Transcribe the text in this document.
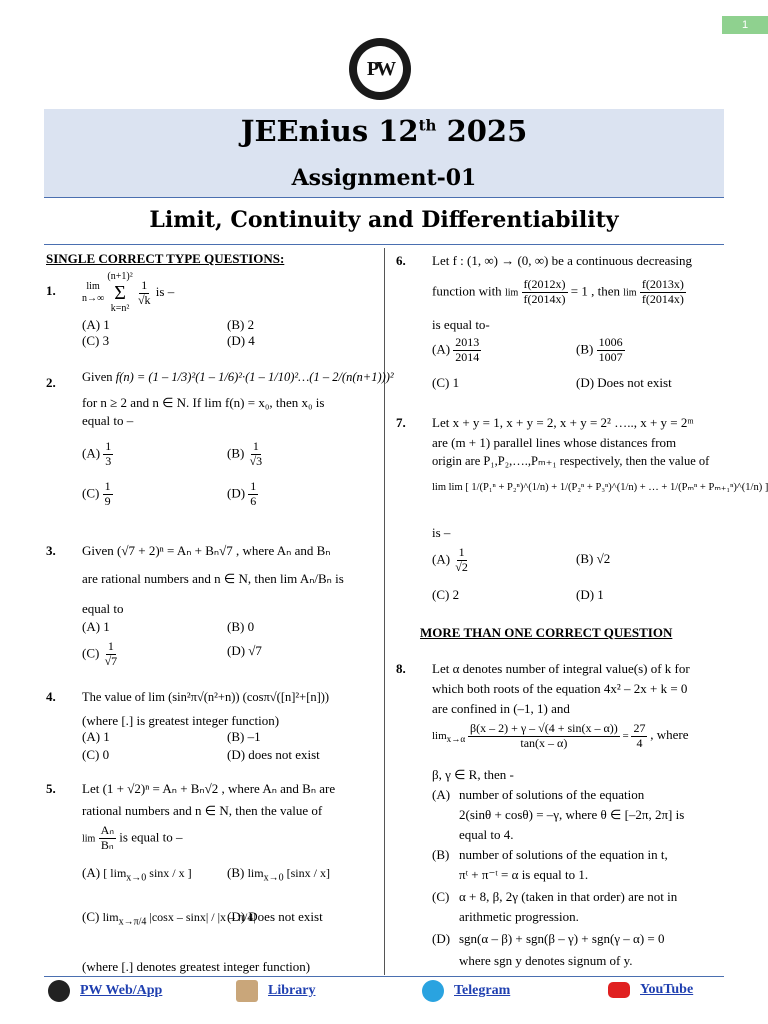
1
PW
JEEnius 12th 2025
Assignment-01
Limit, Continuity and Differentiability
SINGLE CORRECT TYPE QUESTIONS:
1.	lim
n→∞ (n+1)²
Σ
k=n²
$\frac{1}{√k}$ is –
(A) 1	(B) 2
(C) 3	(D) 4
2. Given f(n) = (1 – 1/3)²(1 – 1/6)²·(1 – 1/10)²…(1 – 2/(n(n+1)))²
for n ≥ 2 and n ∈ N. If lim f(n) = x₀, then x₀ is
equal to –
$(A) \frac{1}{3}$	$(B) \frac{1}{√3}$
$(C) \frac{1}{9}$	$(D) \frac{1}{6}$
3. Given (√7 + 2)ⁿ = Aₙ + Bₙ√7 , where Aₙ and Bₙ
are rational numbers and n ∈ N, then lim Aₙ/Bₙ is
equal to
(A) 1	(B) 0
$(C) \frac{1}{√7}$	(D) √7
4. The value of lim (sin²π√(n²+n)) (cosπ√([n]²+[n]))
(where [.] is greatest integer function)
(A) 1	(B) –1
(C) 0	(D) does not exist
5. Let (1 + √2)ⁿ = Aₙ + Bₙ√2 , where Aₙ and Bₙ are
rational numbers and n ∈ N, then the value of
$\lim \frac{\text{Aₙ}}{\text{Bₙ}}$ is equal to –
(A) [ $\lim_{x\to 0} \sin x$ / x ]	(B) $\lim_{x\to 0} [\sin x / x]$
(C) $\lim_{x\to\pi/4} |\cos x - \sin x| / |x - \pi/4|$
(D) Does not exist
(where [.] denotes greatest integer function)
6. Let f : (1, ∞) → (0, ∞) be a continuous decreasing
function with $\lim \frac{f(2012x)}{f(2014x)} = 1$ , then $\lim \frac{f(2013x)}{f(2014x)}$
is equal to-
$(A) \frac{2013}{2014}$	$(B) \frac{1006}{1007}$
(C) 1	(D) Does not exist
7. Let x + y = 1, x + y = 2, x + y = 2² ….., x + y = 2ᵐ
are (m + 1) parallel lines whose distances from
origin are P₁,P₂,….,Pₘ₊₁ respectively, then the value of
lim lim [ 1/(P₁ⁿ + P₂ⁿ)^(1/n) + 1/(P₂ⁿ + P₃ⁿ)^(1/n) + … + 1/(Pₘⁿ + Pₘ₊₁ⁿ)^(1/n) ]
is –
$(A) \frac{1}{√2}$	(B) √2
(C) 2	(D) 1
MORE THAN ONE CORRECT QUESTION
8. Let α denotes number of integral value(s) of k for
which both roots of the equation 4x² – 2x + k = 0
are confined in (–1, 1) and
$\lim_{x\to\alpha} \frac{\beta(x - 2) + \gamma - √(4 + \sin(x - \alpha))}{\tan(x - \alpha)} = \frac{27}{4}$ , where
β, γ ∈ R, then -
(A) number of solutions of the equation
2(sinθ + cosθ) = –γ, where θ ∈ [–2π, 2π] is
equal to 4.
(B) number of solutions of the equation in t,
πᵗ + π⁻ᵗ = α is equal to 1.
(C) α + 8, β, 2γ (taken in that order) are not in
arithmetic progression.
(D) sgn(α – β) + sgn(β – γ) + sgn(γ – α) = 0
where sgn y denotes signum of y.
PW Web/App	Library	Telegram	YouTube
